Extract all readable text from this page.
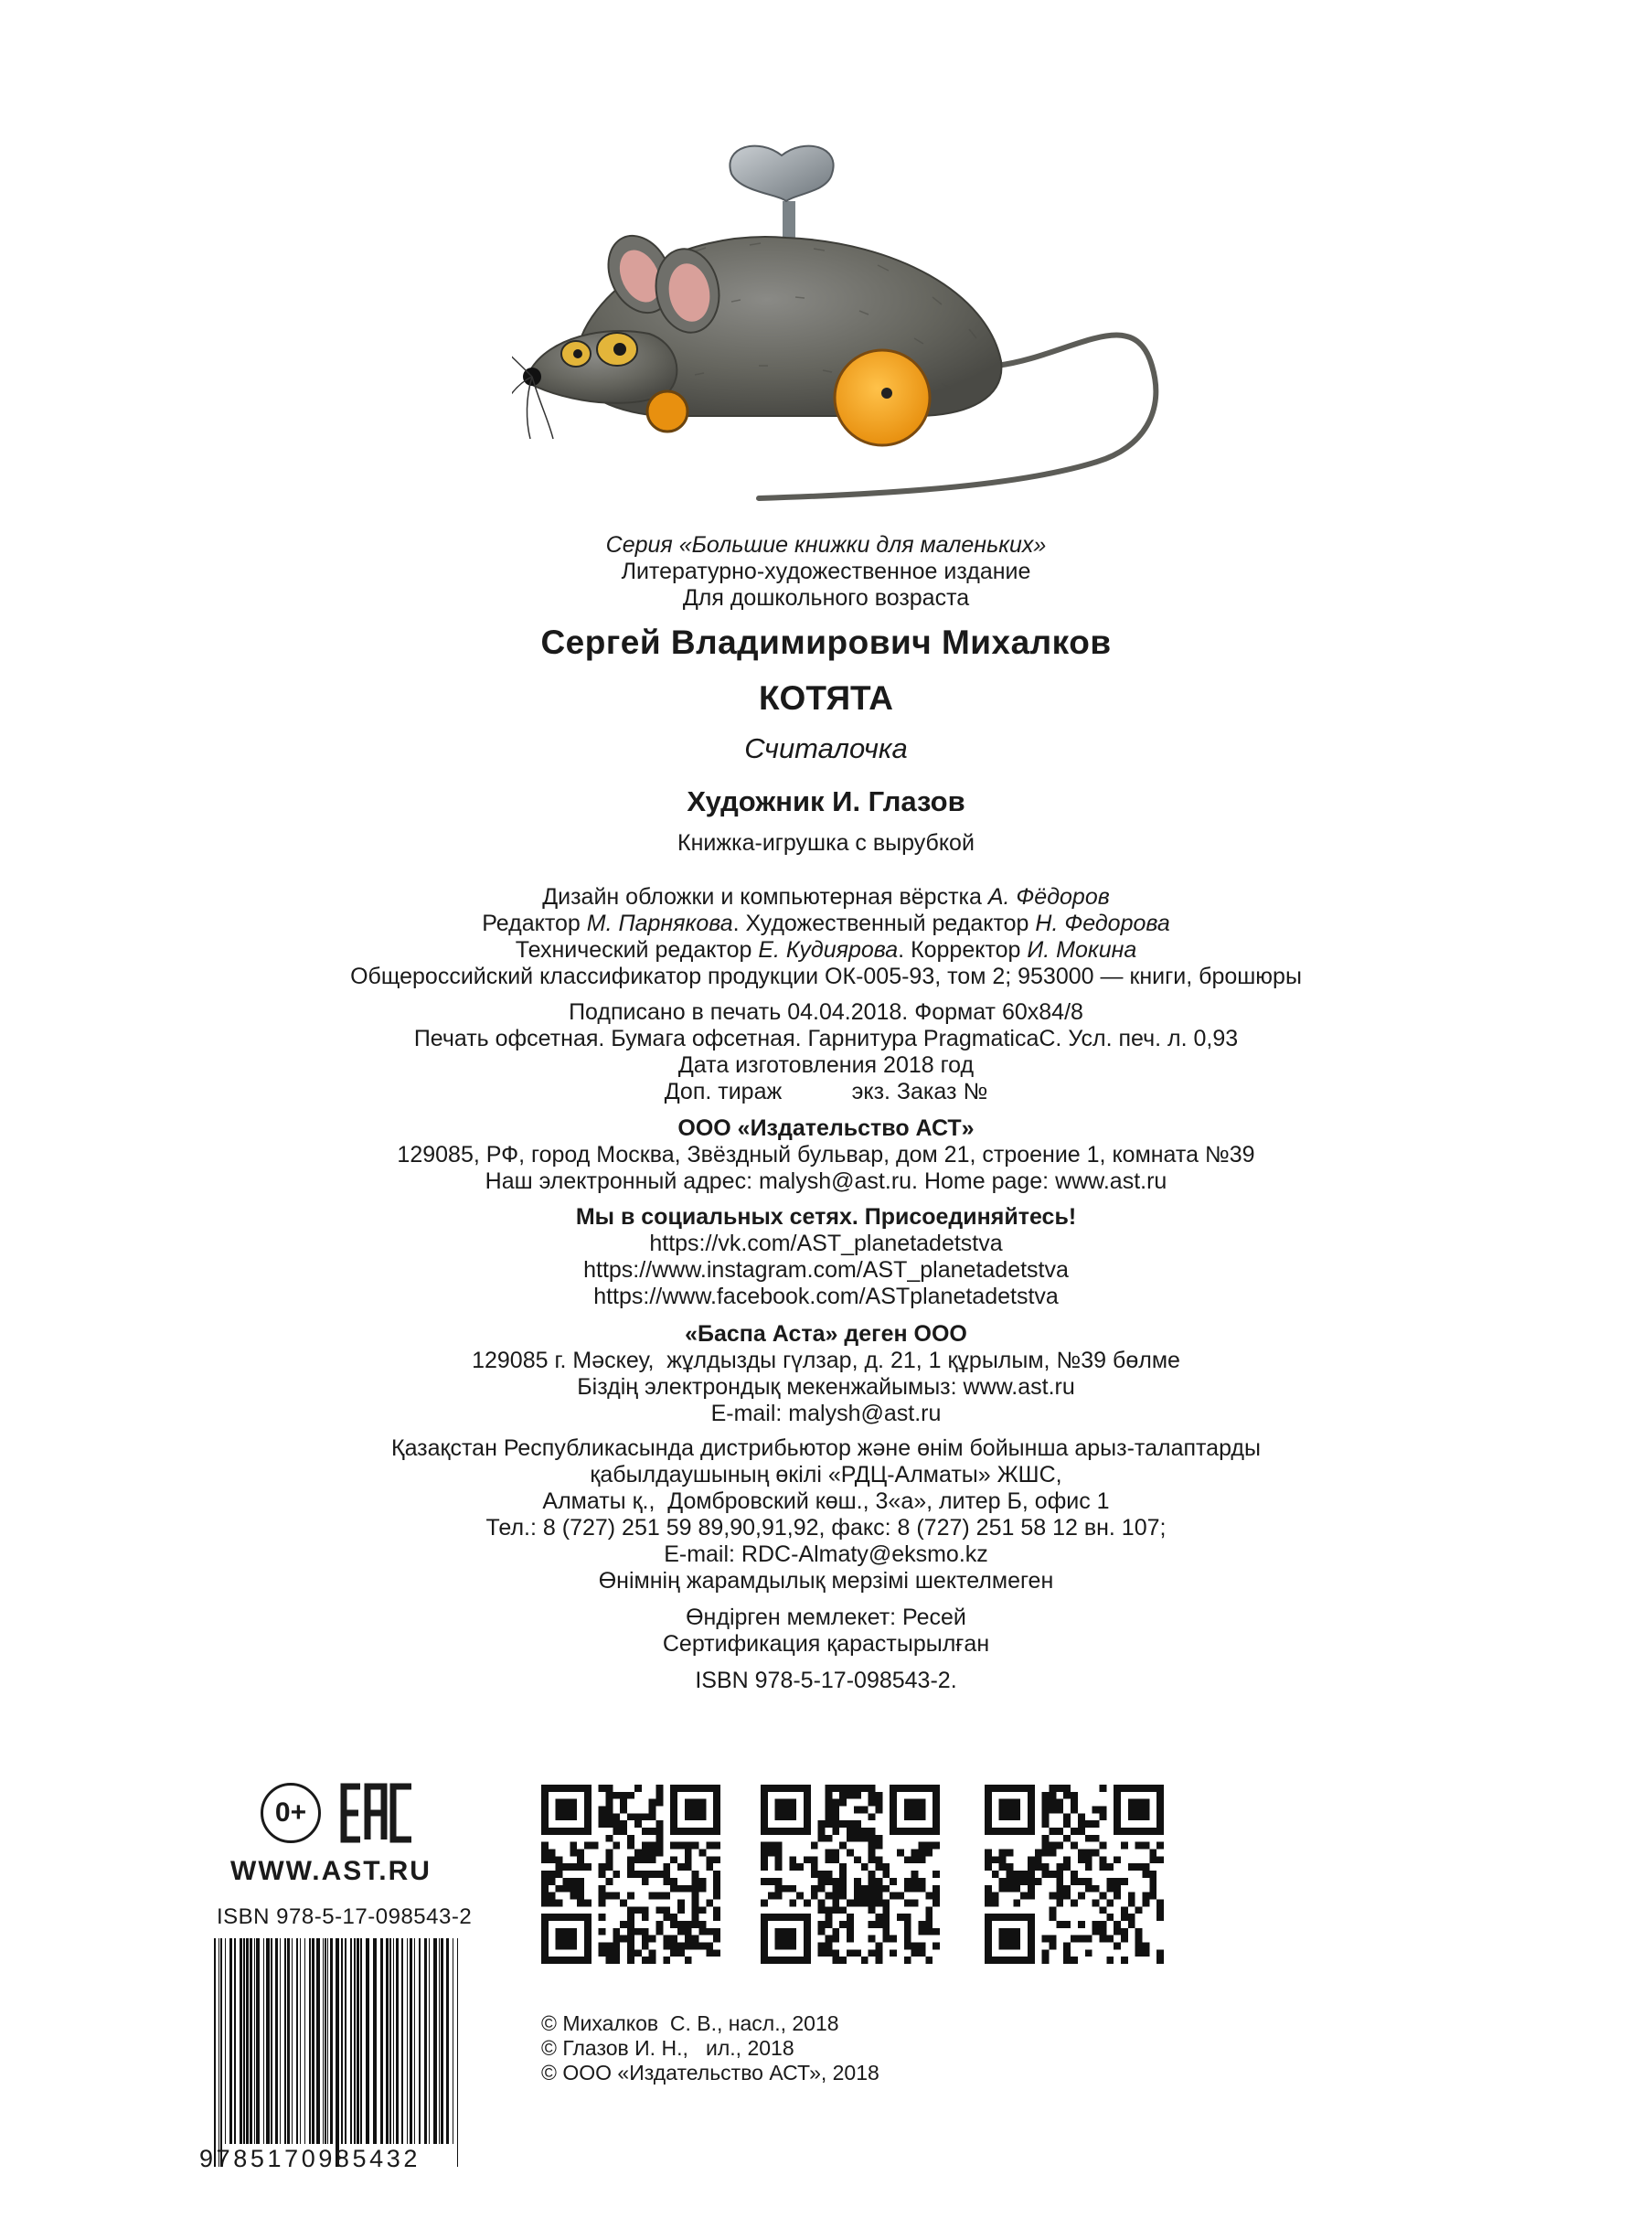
Серия «Большие книжки для маленьких»
Литературно-художественное издание
Для дошкольного возраста
Сергей Владимирович Михалков
КОТЯТА
Считалочка
Художник И. Глазов
Книжка-игрушка с вырубкой
Дизайн обложки и компьютерная вёрстка А. Фёдоров
Редактор М. Парнякова. Художественный редактор Н. Федорова
Технический редактор Е. Кудиярова. Корректор И. Мокина
Общероссийский классификатор продукции ОК-005-93, том 2; 953000 — книги, брошюры
Подписано в печать 04.04.2018. Формат 60х84/8
Печать офсетная. Бумага офсетная. Гарнитура PragmaticaC. Усл. печ. л. 0,93
Дата изготовления 2018 год
Доп. тираж           экз. Заказ №
ООО «Издательство АСТ»
129085, РФ, город Москва, Звёздный бульвар, дом 21, строение 1, комната №39
Наш электронный адрес: malysh@ast.ru. Home page: www.ast.ru
Мы в социальных сетях. Присоединяйтесь!
https://vk.com/AST_planetadetstva
https://www.instagram.com/AST_planetadetstva
https://www.facebook.com/ASTplanetadetstva
«Баспа Аста» деген ООО
129085 г. Мәскеу,  жұлдызды гүлзар, д. 21, 1 құрылым, №39 бөлме
Біздің электрондық мекенжайымыз: www.ast.ru
E-mail: malysh@ast.ru
Қазақстан Республикасында дистрибьютор және өнім бойынша арыз-талаптарды
қабылдаушының өкілі «РДЦ-Алматы» ЖШС,
Алматы қ.,  Домбровский көш., 3«а», литер Б, офис 1
Тел.: 8 (727) 251 59 89,90,91,92, факс: 8 (727) 251 58 12 вн. 107;
E-mail: RDC-Almaty@eksmo.kz
Өнімнің жарамдылық мерзімі шектелмеген
Өндірген мемлекет: Ресей
Сертификация қарастырылған
ISBN 978-5-17-098543-2.
0+
WWW.AST.RU
ISBN 978-5-17-098543-2
9785170985432
© Михалков  С. В., насл., 2018
© Глазов И. Н.,   ил., 2018
© ООО «Издательство АСТ», 2018
